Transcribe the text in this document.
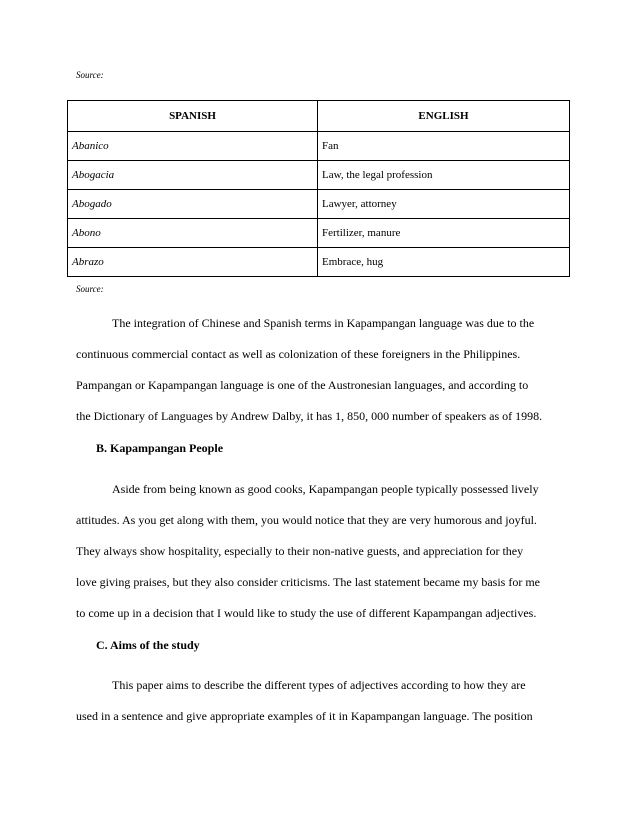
Source:
SPANISH	ENGLISH
Abanico	Fan
Abogacia	Law, the legal profession
Abogado	Lawyer, attorney
Abono	Fertilizer, manure
Abrazo	Embrace, hug
Source:

The integration of Chinese and Spanish terms in Kapampangan language was due to the
continuous commercial contact as well as colonization of these foreigners in the Philippines.
Pampangan or Kapampangan language is one of the Austronesian languages, and according to
the Dictionary of Languages by Andrew Dalby, it has 1, 850, 000 number of speakers as of 1998.

B. Kapampangan People

Aside from being known as good cooks, Kapampangan people typically possessed lively
attitudes. As you get along with them, you would notice that they are very humorous and joyful.
They always show hospitality, especially to their non-native guests, and appreciation for they
love giving praises, but they also consider criticisms. The last statement became my basis for me
to come up in a decision that I would like to study the use of different Kapampangan adjectives.

C. Aims of the study

This paper aims to describe the different types of adjectives according to how they are
used in a sentence and give appropriate examples of it in Kapampangan language. The position
